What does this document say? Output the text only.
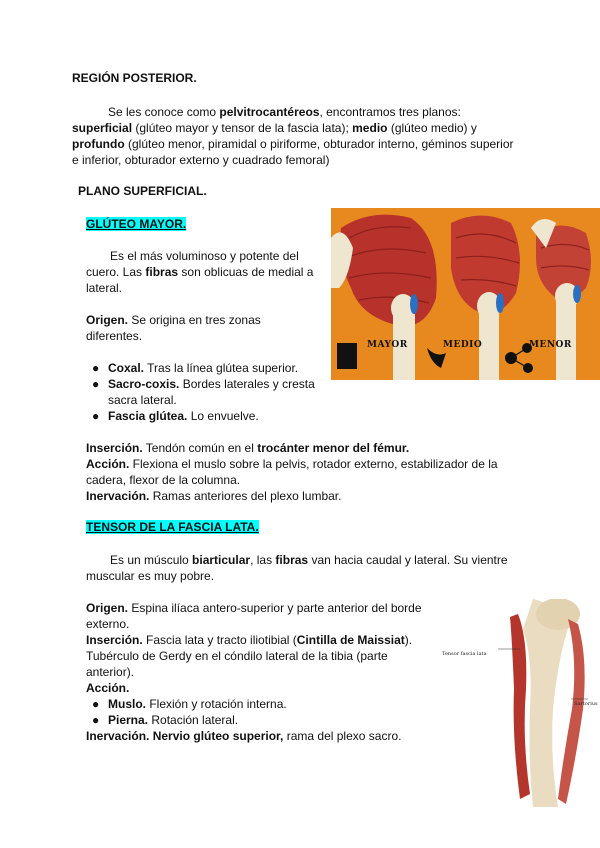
REGIÓN POSTERIOR.
Se les conoce como pelvitrocantéreos, encontramos tres planos:
superficial (glúteo mayor y tensor de la fascia lata); medio (glúteo medio) y
profundo (glúteo menor, piramidal o piriforme, obturador interno, géminos superior
e inferior, obturador externo y cuadrado femoral)
PLANO SUPERFICIAL.
GLÚTEO MAYOR.
Es el más voluminoso y potente del
cuero. Las fibras son oblicuas de medial a
lateral.
Origen. Se origina en tres zonas
diferentes.
● Coxal. Tras la línea glútea superior.
● Sacro-coxis. Bordes laterales y cresta
sacra lateral.
● Fascia glútea. Lo envuelve.
Inserción. Tendón común en el trocánter menor del fémur.
Acción. Flexiona el muslo sobre la pelvis, rotador externo, estabilizador de la
cadera, flexor de la columna.
Inervación. Ramas anteriores del plexo lumbar.
MAYOR	MEDIO	MENOR
TENSOR DE LA FASCIA LATA.
Es un músculo biarticular, las fibras van hacia caudal y lateral. Su vientre
muscular es muy pobre.
Origen. Espina ilíaca antero-superior y parte anterior del borde
externo.
Inserción. Fascia lata y tracto iliotibial (Cintilla de Maissiat).
Tubérculo de Gerdy en el cóndilo lateral de la tibia (parte
anterior).
Acción.
● Muslo. Flexión y rotación interna.
● Pierna. Rotación lateral.
Inervación. Nervio glúteo superior, rama del plexo sacro.
Tensor fascia lata
Sartorius
